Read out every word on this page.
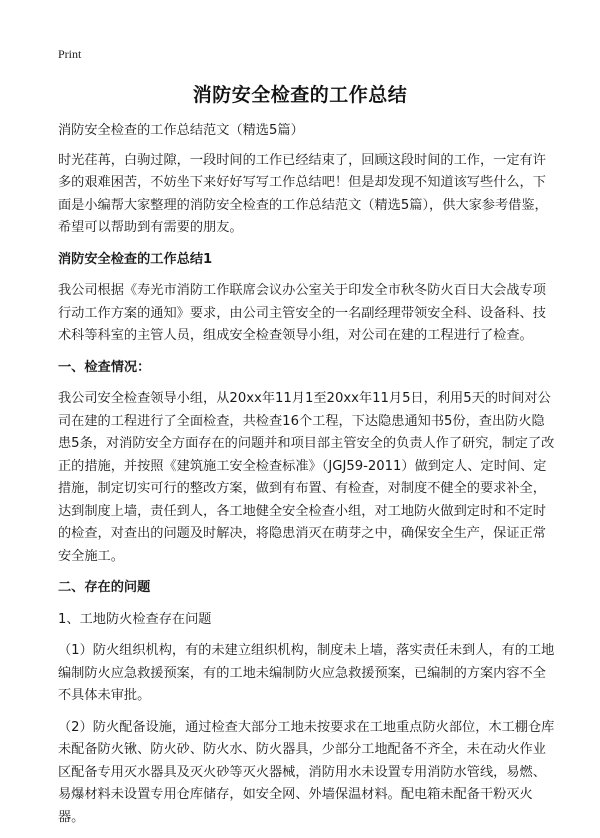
Print
消防安全检查的工作总结

消防安全检查的工作总结范文（精选5篇）

时光荏苒，白驹过隙，一段时间的工作已经结束了，回顾这段时间的工作，一定有许多的艰难困苦，不妨坐下来好好写写工作总结吧！但是却发现不知道该写些什么，下面是小编帮大家整理的消防安全检查的工作总结范文（精选5篇），供大家参考借鉴，希望可以帮助到有需要的朋友。

消防安全检查的工作总结1

我公司根据《寿光市消防工作联席会议办公室关于印发全市秋冬防火百日大会战专项行动工作方案的通知》要求，由公司主管安全的一名副经理带领安全科、设备科、技术科等科室的主管人员，组成安全检查领导小组，对公司在建的工程进行了检查。

一、检查情况：

我公司安全检查领导小组，从20xx年11月1至20xx年11月5日，利用5天的时间对公司在建的工程进行了全面检查，共检查16个工程，下达隐患通知书5份，查出防火隐患5条，对消防安全方面存在的问题并和项目部主管安全的负责人作了研究，制定了改正的措施，并按照《建筑施工安全检查标准》（JGJ59-2011）做到定人、定时间、定措施，制定切实可行的整改方案，做到有布置、有检查，对制度不健全的要求补全，达到制度上墙，责任到人，各工地健全安全检查小组，对工地防火做到定时和不定时的检查，对查出的问题及时解决，将隐患消灭在萌芽之中，确保安全生产，保证正常安全施工。

二、存在的问题

1、工地防火检查存在问题

（1）防火组织机构，有的未建立组织机构，制度未上墙，落实责任未到人，有的工地编制防火应急救援预案，有的工地未编制防火应急救援预案，已编制的方案内容不全不具体未审批。

（2）防火配备设施，通过检查大部分工地未按要求在工地重点防火部位，木工棚仓库未配备防火锹、防火砂、防火水、防火器具，少部分工地配备不齐全，未在动火作业区配备专用灭水器具及灭火砂等灭火器械，消防用水未设置专用消防水管线，易燃、易爆材料未设置专用仓库储存，如安全网、外墙保温材料。配电箱未配备干粉灭火器。
